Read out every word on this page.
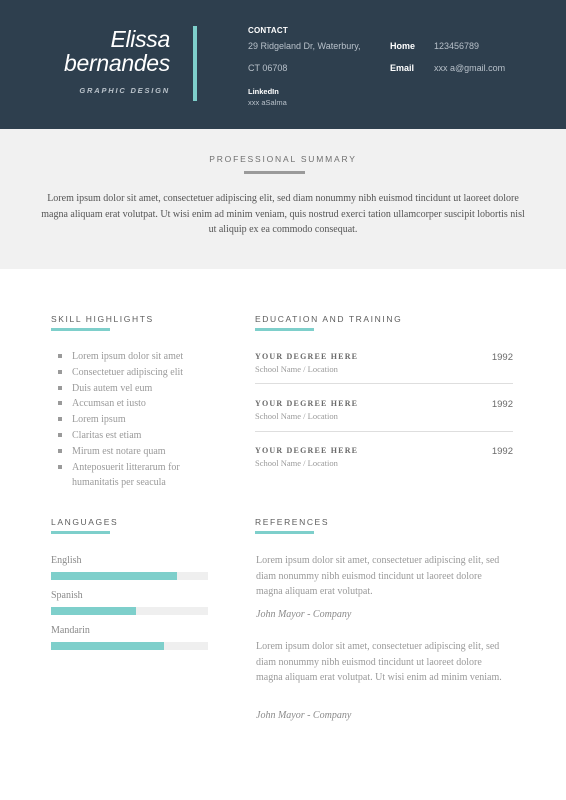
Elissa
bernandes
GRAPHIC DESIGN
CONTACT
29 Ridgeland Dr, Waterbury,
CT 06708
Home 123456789
Email xxx a@gmail.com
LinkedIn
xxx aSalma
PROFESSIONAL SUMMARY
Lorem ipsum dolor sit amet, consectetuer adipiscing elit, sed diam nonummy nibh euismod tincidunt ut laoreet dolore magna aliquam erat volutpat. Ut wisi enim ad minim veniam, quis nostrud exerci tation ullamcorper suscipit lobortis nisl ut aliquip ex ea commodo consequat.
SKILL HIGHLIGHTS
Lorem ipsum dolor sit amet
Consectetuer adipiscing elit
Duis autem vel eum
Accumsan et iusto
Lorem ipsum
Claritas est etiam
Mirum est notare quam
Anteposuerit litterarum for humanitatis per seacula
EDUCATION AND TRAINING
YOUR DEGREE HERE
School Name / Location
1992
YOUR DEGREE HERE
School Name / Location
1992
YOUR DEGREE HERE
School Name / Location
1992
LANGUAGES
English
Spanish
Mandarin
REFERENCES
Lorem ipsum dolor sit amet, consectetuer adipiscing elit, sed diam nonummy nibh euismod tincidunt ut laoreet dolore magna aliquam erat volutpat.
John Mayor - Company
Lorem ipsum dolor sit amet, consectetuer adipiscing elit, sed diam nonummy nibh euismod tincidunt ut laoreet dolore magna aliquam erat volutpat. Ut wisi enim ad minim veniam.
John Mayor - Company
